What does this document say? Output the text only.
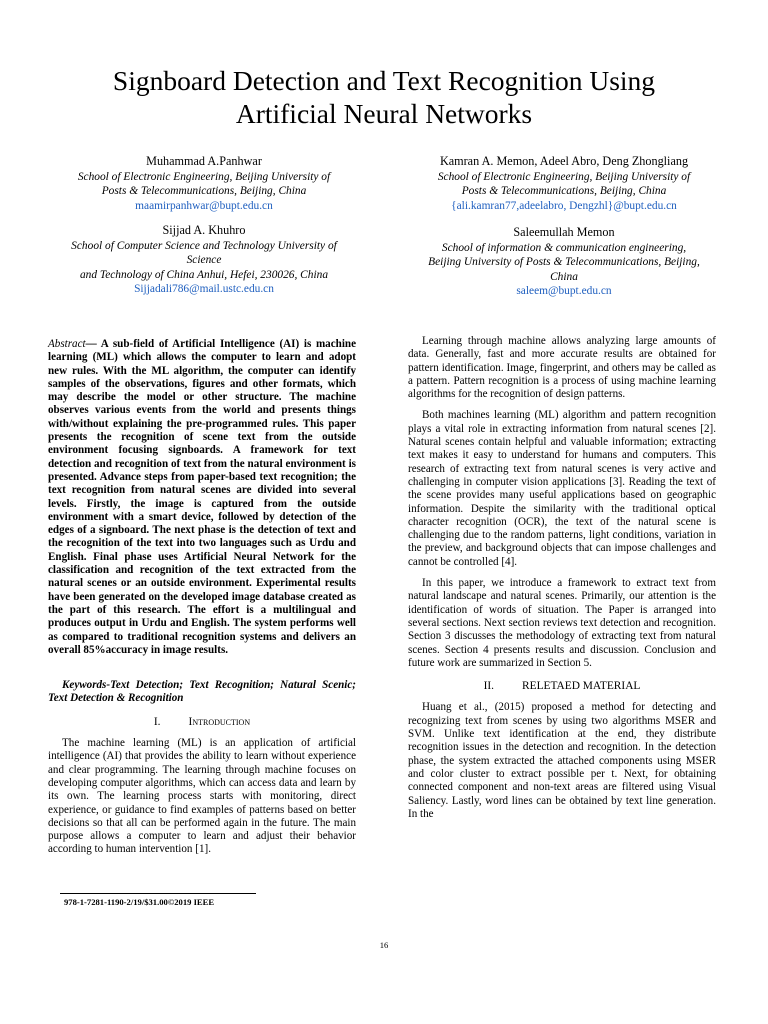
Signboard Detection and Text Recognition Using
Artificial Neural Networks
Muhammad A.Panhwar
School of Electronic Engineering, Beijing University of
Posts & Telecommunications, Beijing, China
maamirpanhwar@bupt.edu.cn
Kamran A. Memon, Adeel Abro, Deng Zhongliang
School of Electronic Engineering, Beijing University of
Posts & Telecommunications, Beijing, China
{ali.kamran77,adeelabro, Dengzhl}@bupt.edu.cn
Sijjad A. Khuhro
School of Computer Science and Technology University of
Science
and Technology of China Anhui, Hefei, 230026, China
Sijjadali786@mail.ustc.edu.cn
Saleemullah Memon
School of information & communication engineering,
Beijing University of Posts & Telecommunications, Beijing,
China
saleem@bupt.edu.cn

Abstract— A sub-field of Artificial Intelligence (AI) is machine learning (ML) which allows the computer to learn and adopt new rules. With the ML algorithm, the computer can identify samples of the observations, figures and other formats, which may describe the model or other structure. The machine observes various events from the world and presents things with/without explaining the pre-programmed rules. This paper presents the recognition of scene text from the outside environment focusing signboards. A framework for text detection and recognition of text from the natural environment is presented. Advance steps from paper-based text recognition; the text recognition from natural scenes are divided into several levels. Firstly, the image is captured from the outside environment with a smart device, followed by detection of the edges of a signboard. The next phase is the detection of text and the recognition of the text into two languages such as Urdu and English. Final phase uses Artificial Neural Network for the classification and recognition of the text extracted from the natural scenes or an outside environment. Experimental results have been generated on the developed image database created as the part of this research. The effort is a multilingual and produces output in Urdu and English. The system performs well as compared to traditional recognition systems and delivers an overall 85%accuracy in image results.

Keywords-Text Detection; Text Recognition; Natural Scenic; Text Detection & Recognition

I. Introduction

The machine learning (ML) is an application of artificial intelligence (AI) that provides the ability to learn without experience and clear programming. The learning through machine focuses on developing computer algorithms, which can access data and learn by its own. The learning process starts with monitoring, direct experience, or guidance to find examples of patterns based on better decisions so that all can be performed again in the future. The main purpose allows a computer to learn and adjust their behavior according to human intervention [1].

Learning through machine allows analyzing large amounts of data. Generally, fast and more accurate results are obtained for pattern identification. Image, fingerprint, and others may be called as a pattern. Pattern recognition is a process of using machine learning algorithms for the recognition of design patterns.

Both machines learning (ML) algorithm and pattern recognition plays a vital role in extracting information from natural scenes [2]. Natural scenes contain helpful and valuable information; extracting text makes it easy to understand for humans and computers. This research of extracting text from natural scenes is very active and challenging in computer vision applications [3]. Reading the text of the scene provides many useful applications based on geographic information. Despite the similarity with the traditional optical character recognition (OCR), the text of the natural scene is challenging due to the random patterns, light conditions, variation in the preview, and background objects that can impose challenges and cannot be controlled [4].

In this paper, we introduce a framework to extract text from natural landscape and natural scenes. Primarily, our attention is the identification of words of situation. The Paper is arranged into several sections. Next section reviews text detection and recognition. Section 3 discusses the methodology of extracting text from natural scenes. Section 4 presents results and discussion. Conclusion and future work are summarized in Section 5.

II. RELETAED MATERIAL

Huang et al., (2015) proposed a method for detecting and recognizing text from scenes by using two algorithms MSER and SVM. Unlike text identification at the end, they distribute recognition issues in the detection and recognition. In the detection phase, the system extracted the attached components using MSER and color cluster to extract possible per t. Next, for obtaining connected component and non-text areas are filtered using Visual Saliency. Lastly, word lines can be obtained by text line generation. In the

978-1-7281-1190-2/19/$31.00©2019 IEEE
16
